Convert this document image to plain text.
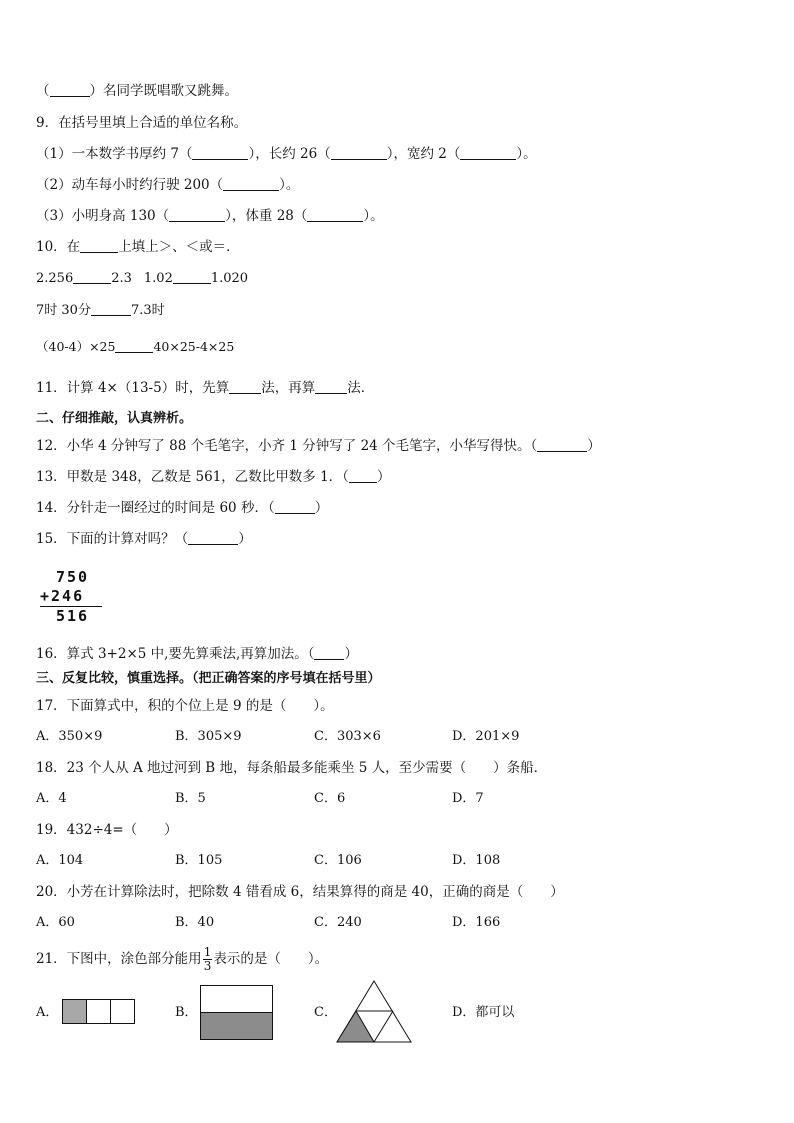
（	）名同学既唱歌又跳舞。
9．在括号里填上合适的单位名称。
（1）一本数学书厚约 7（	），长约 26（	），宽约 2（	）。
（2）动车每小时约行驶 200（	）。
（3）小明身高 130（	），体重 28（	）。
10．在	上填上＞、＜或＝．
2.256	2.3 1.02	1.020
7时 30分	7.3时
（40-4）×25	40×25-4×25
11．计算 4×（13-5）时，先算 法，再算 法．
二、仔细推敲，认真辨析。
12．小华 4 分钟写了 88 个毛笔字，小齐 1 分钟写了 24 个毛笔字，小华写得快。（	）
13．甲数是 348，乙数是 561，乙数比甲数多 1．（ ）
14．分针走一圈经过的时间是 60 秒．（	）
15．下面的计算对吗？（	）
750
+246
516
16．算式 3+2×5 中,要先算乘法,再算加法。（ ）
三、反复比较，慎重选择。（把正确答案的序号填在括号里）
17．下面算式中，积的个位上是 9 的是（　　）。
A．350×9	B．305×9	C．303×6	D．201×9
18．23 个人从 A 地过河到 B 地，每条船最多能乘坐 5 人，至少需要（　　）条船．
A．4	B．5	C．6	D．7
19．432÷4=（　　）
A．104	B．105	C．106	D．108
20．小芳在计算除法时，把除数 4 错看成 6，结果算得的商是 40，正确的商是（　　）
A．60	B．40	C．240	D．166
21．下图中，涂色部分能用 $\frac{1}{3}$ 表示的是（　　）。
A．	B．	C．	D．都可以
